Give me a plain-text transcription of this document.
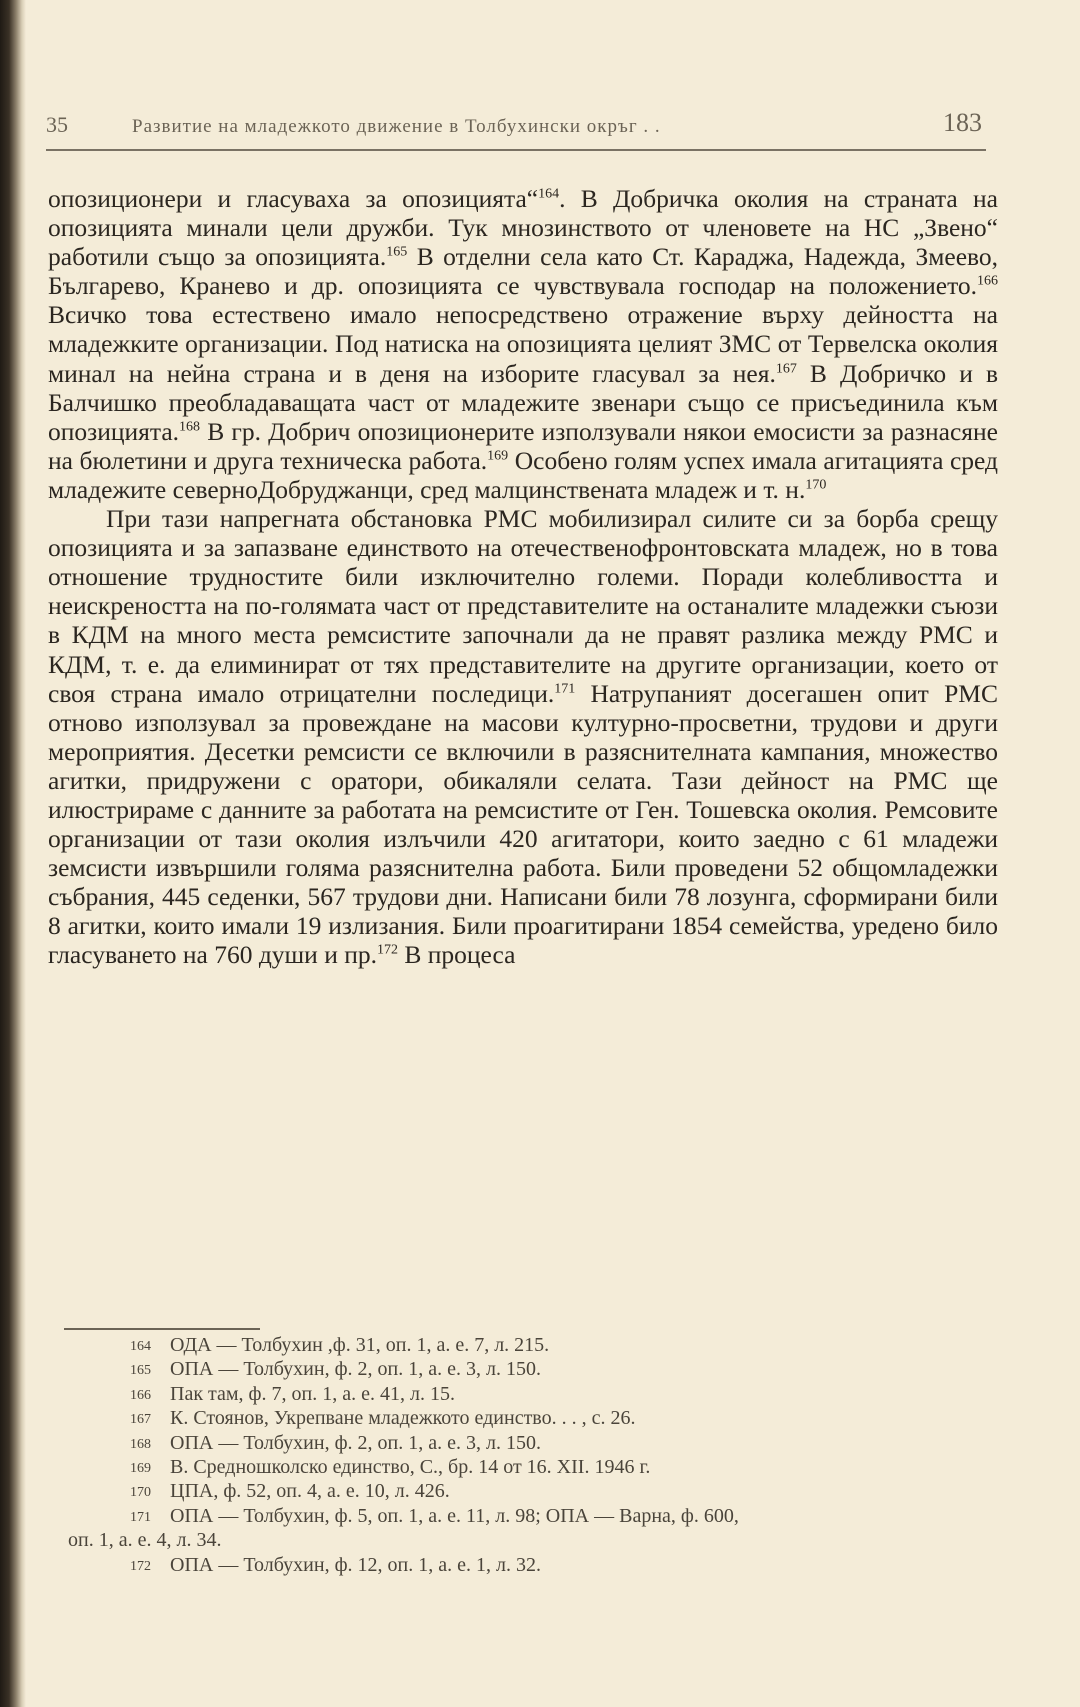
35	Развитие на младежкото движение в Толбухински окръг . .	183

опозиционери и гласуваха за опозицията“$^{164}$. В Добричка околия на страната на опозицията минали цели дружби. Тук мнозинството от членовете на НС „Звено“ работили също за опозицията.$^{165}$ В отделни села като Ст. Караджа, Надежда, Змеево, Българево, Кранево и др. опозицията се чувствувала господар на положението.$^{166}$ Всичко това естествено имало непосредствено отражение върху дейността на младежките организации. Под натиска на опозицията целият ЗМС от Тервелска околия минал на нейна страна и в деня на изборите гласувал за нея.$^{167}$ В Добричко и в Балчишко преобладаващата част от младежите звенари също се присъединила към опозицията.$^{168}$ В гр. Добрич опозиционерите използували някои емосисти за разнасяне на бюлетини и друга техническа работа.$^{169}$ Особено голям успех имала агитацията сред младежите северноДобруджанци, сред малцинствената младеж и т. н.$^{170}$

При тази напрегната обстановка РМС мобилизирал силите си за борба срещу опозицията и за запазване единството на отечественофронтовската младеж, но в това отношение трудностите били изключително големи. Поради колебливостта и неискреността на по-голямата част от представителите на останалите младежки съюзи в КДМ на много места ремсистите започнали да не правят разлика между РМС и КДМ, т. е. да елиминират от тях представителите на другите организации, което от своя страна имало отрицателни последици.$^{171}$ Натрупаният досегашен опит РМС отново използувал за провеждане на масови културно-просветни, трудови и други мероприятия. Десетки ремсисти се включили в разяснителната кампания, множество агитки, придружени с оратори, обикаляли селата. Тази дейност на РМС ще илюстрираме с данните за работата на ремсистите от Ген. Тошевска околия. Ремсовите организации от тази околия излъчили 420 агитатори, които заедно с 61 младежи земсисти извършили голяма разяснителна работа. Били проведени 52 общомладежки събрания, 445 седенки, 567 трудови дни. Написани били 78 лозунга, сформирани били 8 агитки, които имали 19 излизания. Били проагитирани 1854 семейства, уредено било гласуването на 760 души и пр.$^{172}$ В процеса

164 ОДА — Толбухин ,ф. 31, оп. 1, а. е. 7, л. 215.
165 ОПА — Толбухин, ф. 2, оп. 1, а. е. 3, л. 150.
166 Пак там, ф. 7, оп. 1, а. е. 41, л. 15.
167 К. Стоянов, Укрепване младежкото единство. . . , с. 26.
168 ОПА — Толбухин, ф. 2, оп. 1, а. е. 3, л. 150.
169 В. Средношколско единство, С., бр. 14 от 16. XII. 1946 г.
170 ЦПА, ф. 52, оп. 4, а. е. 10, л. 426.
171 ОПА — Толбухин, ф. 5, оп. 1, а. е. 11, л. 98; ОПА — Варна, ф. 600,
оп. 1, а. е. 4, л. 34.
172 ОПА — Толбухин, ф. 12, оп. 1, а. е. 1, л. 32.
